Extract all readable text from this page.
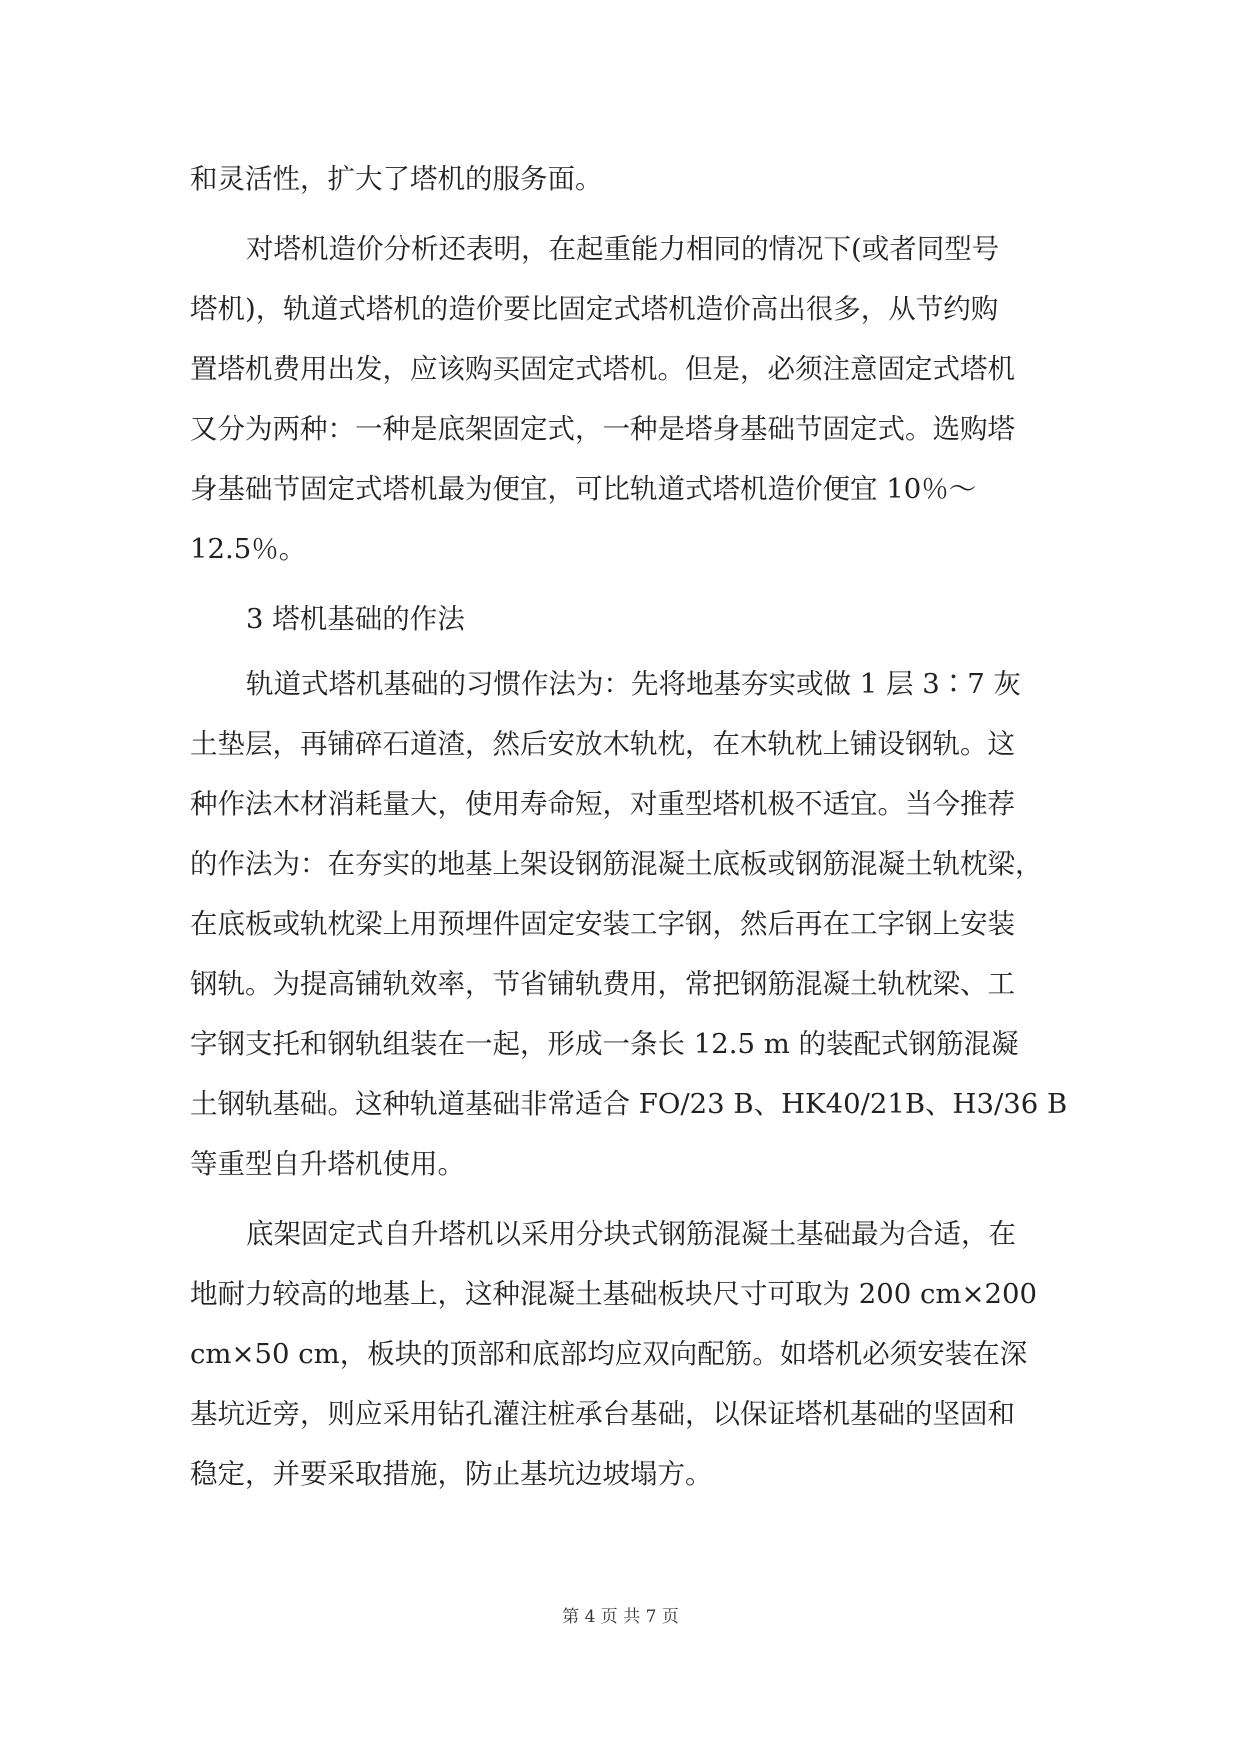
和灵活性，扩大了塔机的服务面。
对塔机造价分析还表明，在起重能力相同的情况下(或者同型号
塔机)，轨道式塔机的造价要比固定式塔机造价高出很多，从节约购
置塔机费用出发，应该购买固定式塔机。但是，必须注意固定式塔机
又分为两种：一种是底架固定式，一种是塔身基础节固定式。选购塔
身基础节固定式塔机最为便宜，可比轨道式塔机造价便宜 10％～
12.5％。
3 塔机基础的作法
轨道式塔机基础的习惯作法为：先将地基夯实或做 1 层 3∶7 灰
土垫层，再铺碎石道渣，然后安放木轨枕，在木轨枕上铺设钢轨。这
种作法木材消耗量大，使用寿命短，对重型塔机极不适宜。当今推荐
的作法为：在夯实的地基上架设钢筋混凝土底板或钢筋混凝土轨枕梁，
在底板或轨枕梁上用预埋件固定安装工字钢，然后再在工字钢上安装
钢轨。为提高铺轨效率，节省铺轨费用，常把钢筋混凝土轨枕梁、工
字钢支托和钢轨组装在一起，形成一条长 12.5 m 的装配式钢筋混凝
土钢轨基础。这种轨道基础非常适合 FO/23 B、HK40/21B、H3/36 B
等重型自升塔机使用。
底架固定式自升塔机以采用分块式钢筋混凝土基础最为合适，在
地耐力较高的地基上，这种混凝土基础板块尺寸可取为 200 cm×200
cm×50 cm，板块的顶部和底部均应双向配筋。如塔机必须安装在深
基坑近旁，则应采用钻孔灌注桩承台基础，以保证塔机基础的坚固和
稳定，并要采取措施，防止基坑边坡塌方。
第 4 页 共 7 页
